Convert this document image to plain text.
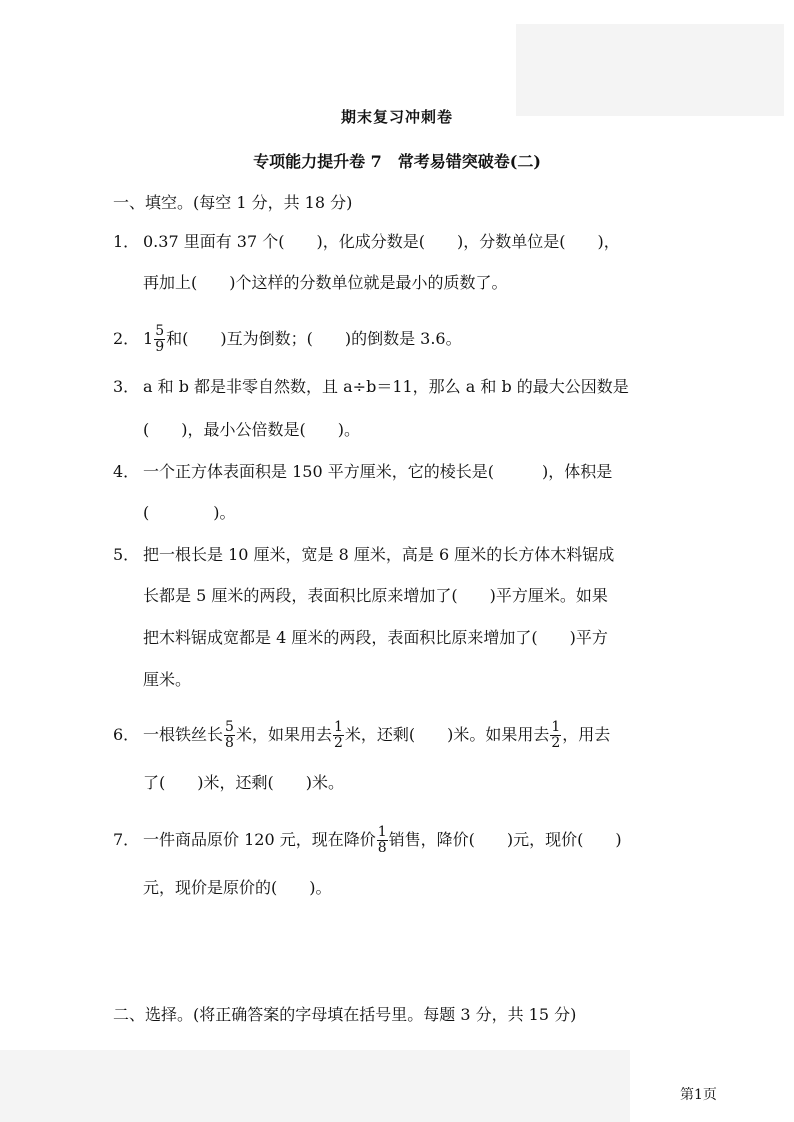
期末复习冲刺卷
专项能力提升卷 7　常考易错突破卷(二)
一、填空。(每空 1 分，共 18 分)
1． 0.37 里面有 37 个(　　)，化成分数是(　　)，分数单位是(　　)，
再加上(　　)个这样的分数单位就是最小的质数了。
2． $1 \frac{5}{9}$ 和(　　)互为倒数；(　　)的倒数是 3.6。
3． a 和 b 都是非零自然数，且 a÷b＝11，那么 a 和 b 的最大公因数是
(　　)，最小公倍数是(　　)。
4． 一个正方体表面积是 150 平方厘米，它的棱长是(　　　)，体积是
(　　　　)。
5． 把一根长是 10 厘米，宽是 8 厘米，高是 6 厘米的长方体木料锯成
长都是 5 厘米的两段，表面积比原来增加了(　　)平方厘米。如果
把木料锯成宽都是 4 厘米的两段，表面积比原来增加了(　　)平方
厘米。
6． 一根铁丝长 $\frac{5}{8}$ 米，如果用去 $\frac{1}{2}$ 米，还剩(　　)米。如果用去 $\frac{1}{2}$ ，用去
了(　　)米，还剩(　　)米。
7． 一件商品原价 120 元，现在降价 $\frac{1}{8}$ 销售，降价(　　)元，现价(　　)
元，现价是原价的(　　)。
二、选择。(将正确答案的字母填在括号里。每题 3 分，共 15 分)
第1页
